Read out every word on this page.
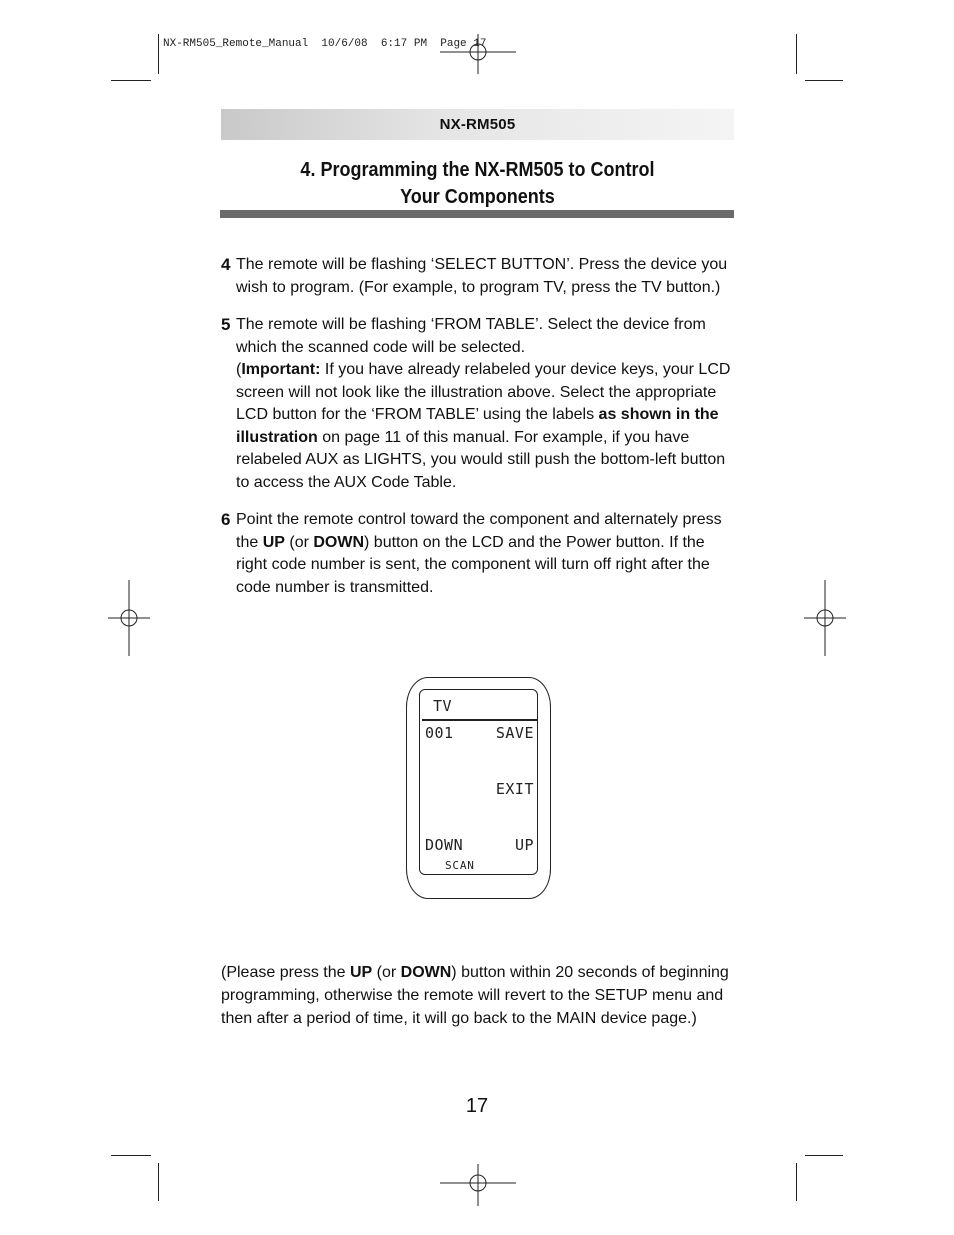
NX-RM505_Remote_Manual  10/6/08  6:17 PM  Page 17
NX-RM505
4. Programming the NX-RM505 to Control
Your Components
4 The remote will be flashing ‘SELECT BUTTON’. Press the device you wish to program. (For example, to program TV, press the TV button.)

5 The remote will be flashing ‘FROM TABLE’. Select the device from which the scanned code will be selected.

(Important: If you have already relabeled your device keys, your LCD screen will not look like the illustration above. Select the appropriate LCD button for the ‘FROM TABLE’ using the labels as shown in the illustration on page 11 of this manual. For example, if you have relabeled AUX as LIGHTS, you would still push the bottom-left button to access the AUX Code Table.

6 Point the remote control toward the component and alternately press the UP (or DOWN) button on the LCD and the Power button. If the right code number is sent, the component will turn off right after the code number is transmitted.

TV
001	SAVE
EXIT
DOWN	UP
SCAN
(Please press the UP (or DOWN) button within 20 seconds of beginning programming, otherwise the remote will revert to the SETUP menu and then after a period of time, it will go back to the MAIN device page.)
17
